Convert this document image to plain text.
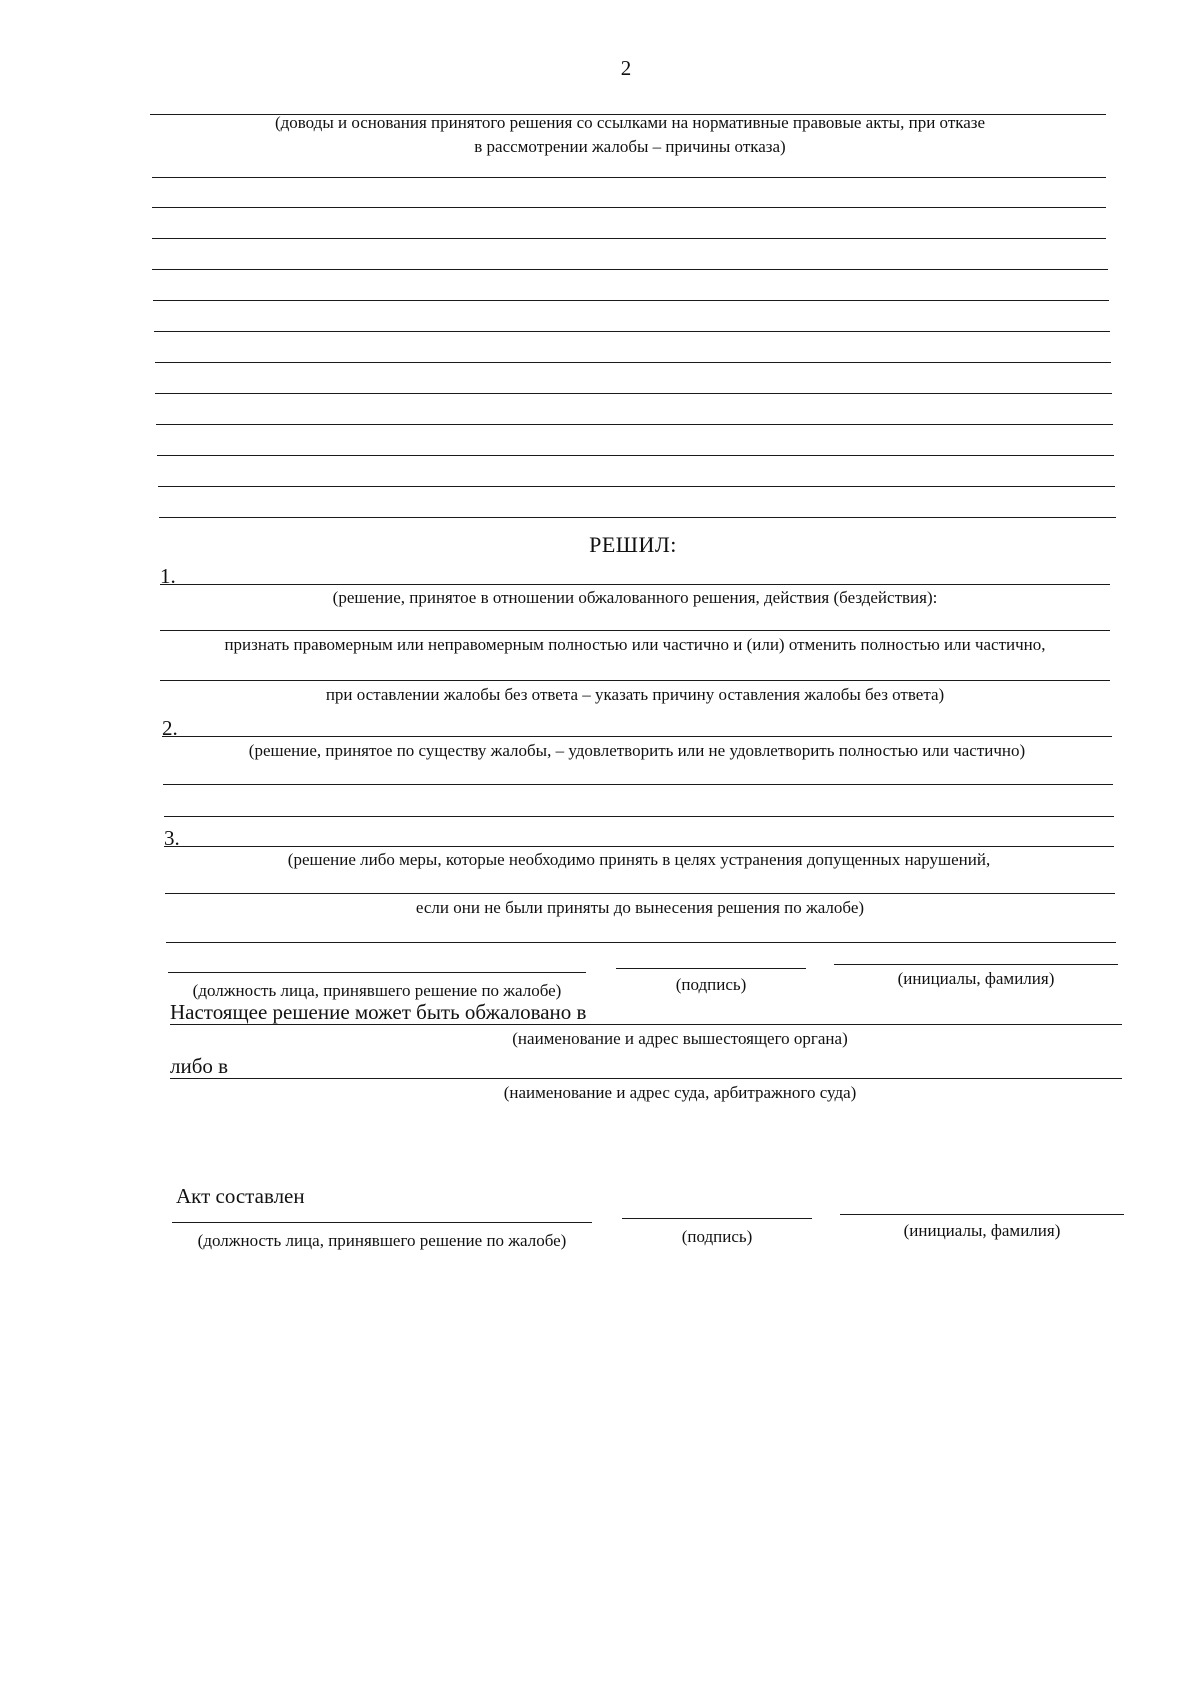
2
(доводы и основания принятого решения со ссылками на нормативные правовые акты, при отказе
в рассмотрении жалобы – причины отказа)
РЕШИЛ:
1.
(решение, принятое в отношении обжалованного решения, действия (бездействия):
признать правомерным или неправомерным полностью или частично и (или) отменить полностью или частично,
при оставлении жалобы без ответа – указать причину оставления жалобы без ответа)
2.
(решение, принятое по существу жалобы, – удовлетворить или не удовлетворить полностью или частично)
3.
(решение либо меры, которые необходимо принять в целях устранения допущенных нарушений,
если они не были приняты до вынесения решения по жалобе)
(должность лица, принявшего решение по жалобе)	(подпись)	(инициалы, фамилия)
Настоящее решение может быть обжаловано в
(наименование и адрес вышестоящего органа)
либо в
(наименование и адрес суда, арбитражного суда)
Акт составлен
(должность лица, принявшего решение по жалобе)	(подпись)	(инициалы, фамилия)
